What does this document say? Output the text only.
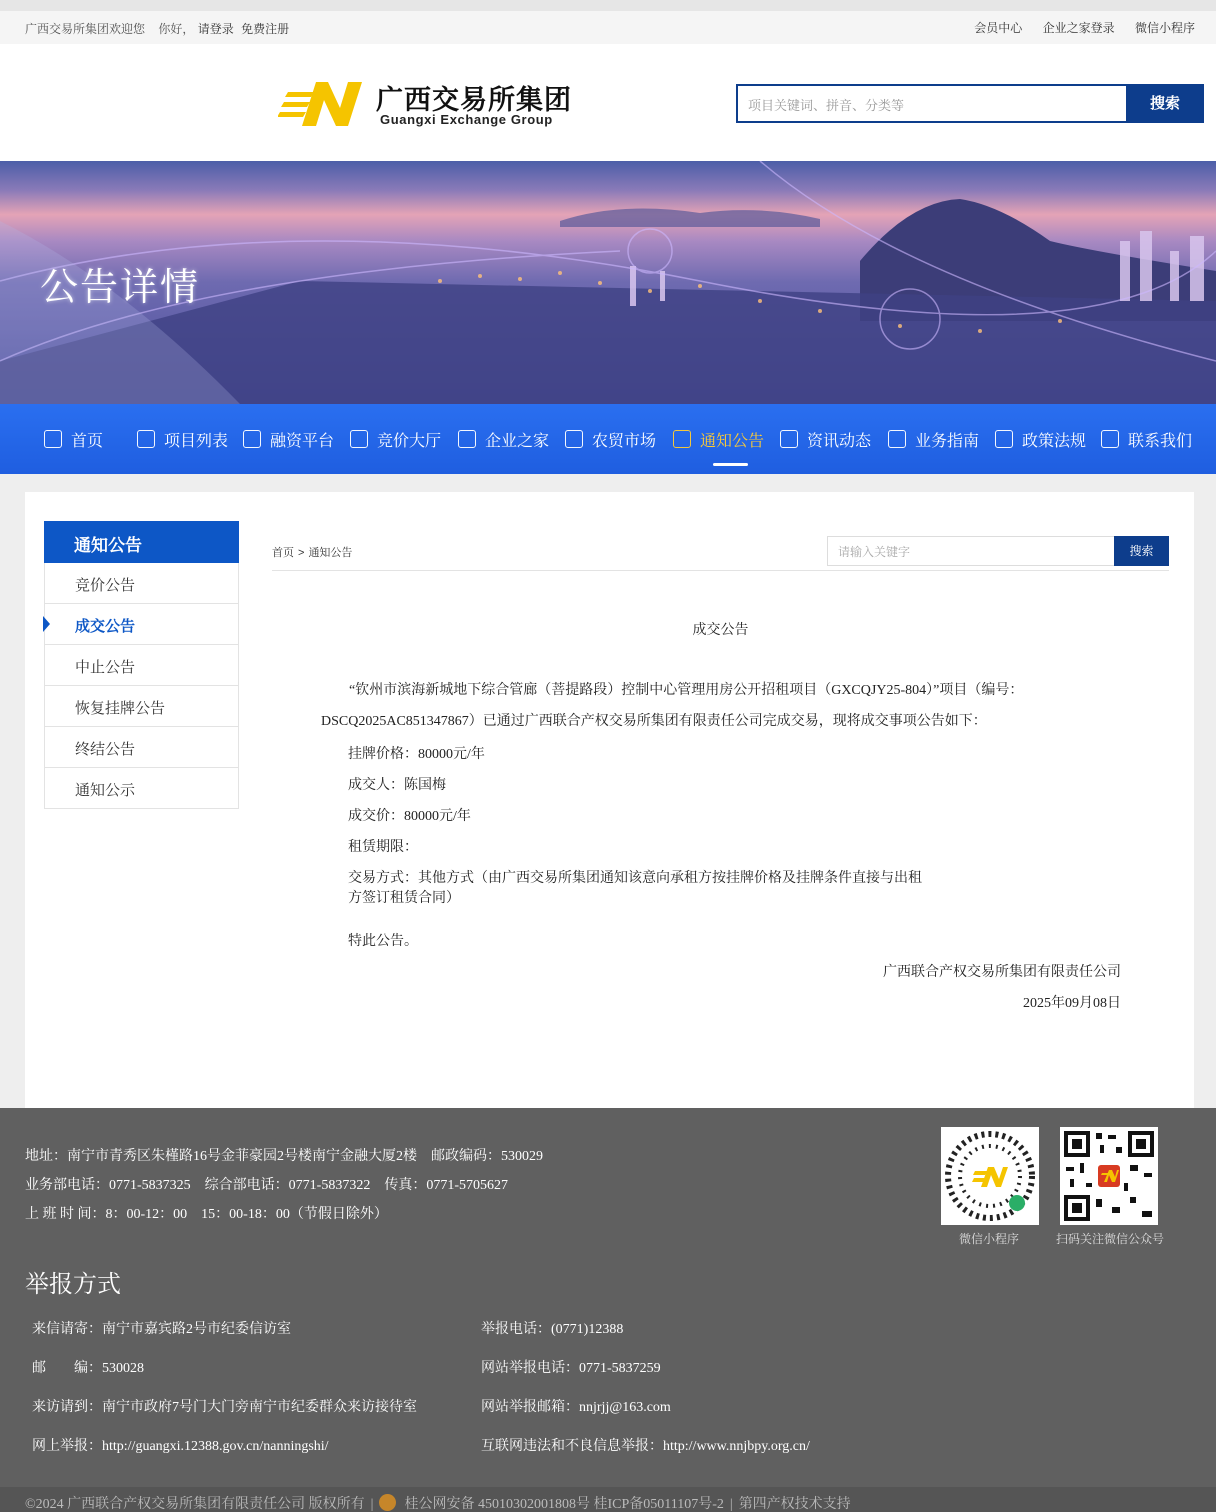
广西交易所集团欢迎您 你好， 请登录 免费注册	会员中心 企业之家登录 微信小程序
广西交易所集团
Guangxi Exchange Group
项目关键词、拼音、分类等	搜索
公告详情
首页	项目列表	融资平台	竞价大厅	企业之家	农贸市场	通知公告	资讯动态	业务指南	政策法规	联系我们
通知公告
竞价公告
成交公告
中止公告
恢复挂牌公告
终结公告
通知公示
首页 > 通知公告	请输入关键字	搜索
成交公告
“钦州市滨海新城地下综合管廊（菩提路段）控制中心管理用房公开招租项目（GXCQJY25-804）”项目（编号：DSCQ2025AC851347867）已通过广西联合产权交易所集团有限责任公司完成交易，现将成交事项公告如下：
挂牌价格：80000元/年
成交人：陈国梅
成交价：80000元/年
租赁期限：
交易方式：其他方式（由广西交易所集团通知该意向承租方按挂牌价格及挂牌条件直接与出租方签订租赁合同）
特此公告。
广西联合产权交易所集团有限责任公司
2025年09月08日
地址：南宁市青秀区朱槿路16号金菲豪园2号楼南宁金融大厦2楼 邮政编码：530029
业务部电话：0771-5837325 综合部电话：0771-5837322 传真：0771-5705627
上 班 时 间：8：00-12：00　15：00-18：00（节假日除外）
微信小程序	扫码关注微信公众号
举报方式
来信请寄：南宁市嘉宾路2号市纪委信访室	举报电话：(0771)12388
邮　　编：530028	网站举报电话：0771-5837259
来访请到：南宁市政府7号门大门旁南宁市纪委群众来访接待室	网站举报邮箱：nnjrjj@163.com
网上举报：http://guangxi.12388.gov.cn/nanningshi/	互联网违法和不良信息举报：http://www.nnjbpy.org.cn/
©2024 广西联合产权交易所集团有限责任公司 版权所有 | 桂公网安备 45010302001808号 桂ICP备05011107号-2 | 第四产权技术支持
